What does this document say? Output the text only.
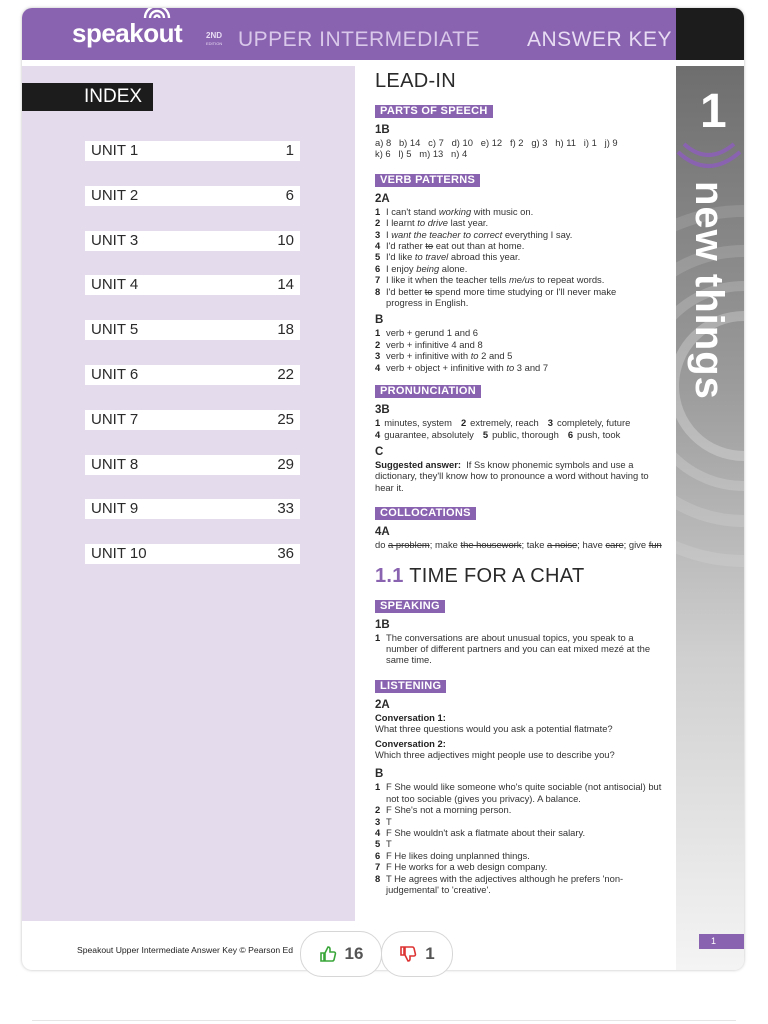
speakout	2ND
EDITION UPPER INTERMEDIATE ANSWER KEY
INDEX
UNIT 1	1
UNIT 2	6
UNIT 3	10
UNIT 4	14
UNIT 5	18
UNIT 6	22
UNIT 7	25
UNIT 8	29
UNIT 9	33
UNIT 10	36
1
new things
LEAD-IN
PARTS OF SPEECH
1B
a) 8   b) 14   c) 7   d) 10   e) 12   f) 2   g) 3   h) 11   i) 1   j) 9
k) 6   l) 5   m) 13   n) 4
VERB PATTERNS
2A
1 I can't stand working with music on.
2 I learnt to drive last year.
3 I want the teacher to correct everything I say.
4 I'd rather to eat out than at home.
5 I'd like to travel abroad this year.
6 I enjoy being alone.
7 I like it when the teacher tells me/us to repeat words.
8 I'd better to spend more time studying or I'll never make
progress in English.
B
1 verb + gerund 1 and 6
2 verb + infinitive 4 and 8
3 verb + infinitive with to 2 and 5
4 verb + object + infinitive with to 3 and 7
PRONUNCIATION
3B
1 minutes, system 2 extremely, reach 3 completely, future
4 guarantee, absolutely 5 public, thorough 6 push, took
C
Suggested answer: If Ss know phonemic symbols and use a dictionary, they'll know how to pronounce a word without having to hear it.
COLLOCATIONS
4A
do a problem; make the housework; take a noise; have care; give fun
1.1 TIME FOR A CHAT
SPEAKING
1B
1 The conversations are about unusual topics, you speak to a number of different partners and you can eat mixed mezé at the same time.
LISTENING
2A
Conversation 1:
What three questions would you ask a potential flatmate?
Conversation 2:
Which three adjectives might people use to describe you?
B
1 F She would like someone who's quite sociable (not antisocial) but not too sociable (gives you privacy). A balance.
2 F She's not a morning person.
3 T
4 F She wouldn't ask a flatmate about their salary.
5 T
6 F He likes doing unplanned things.
7 F He works for a web design company.
8 T He agrees with the adjectives although he prefers 'non-judgemental' to 'creative'.
Speakout Upper Intermediate Answer Key © Pearson Ed
1
16	1
